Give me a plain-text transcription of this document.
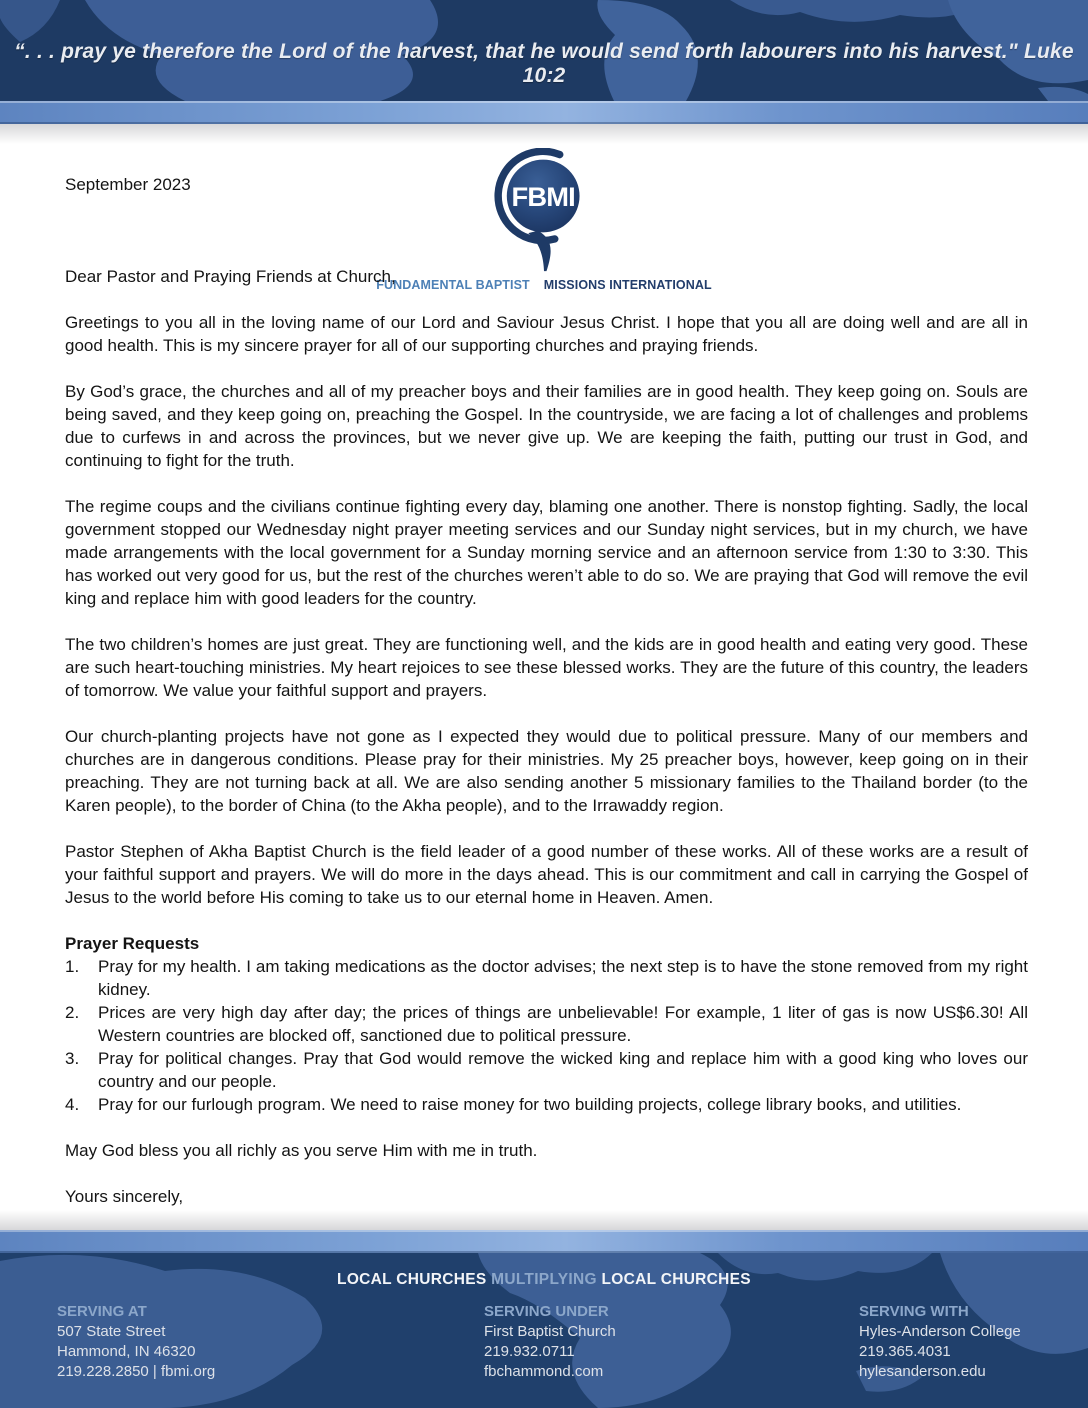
“. . . pray ye therefore the Lord of the harvest, that he would send forth labourers into his harvest." Luke 10:2
FBMI
FUNDAMENTAL BAPTIST MISSIONS INTERNATIONAL

September 2023

Dear Pastor and Praying Friends at Church,

Greetings to you all in the loving name of our Lord and Saviour Jesus Christ. I hope that you all are doing well and are all in good health. This is my sincere prayer for all of our supporting churches and praying friends.

By God’s grace, the churches and all of my preacher boys and their families are in good health. They keep going on. Souls are being saved, and they keep going on, preaching the Gospel. In the countryside, we are facing a lot of challenges and problems due to curfews in and across the provinces, but we never give up. We are keeping the faith, putting our trust in God, and continuing to fight for the truth.

The regime coups and the civilians continue fighting every day, blaming one another. There is nonstop fighting. Sadly, the local government stopped our Wednesday night prayer meeting services and our Sunday night services, but in my church, we have made arrangements with the local government for a Sunday morning service and an afternoon service from 1:30 to 3:30. This has worked out very good for us, but the rest of the churches weren’t able to do so. We are praying that God will remove the evil king and replace him with good leaders for the country.

The two children’s homes are just great. They are functioning well, and the kids are in good health and eating very good. These are such heart-touching ministries. My heart rejoices to see these blessed works. They are the future of this country, the leaders of tomorrow. We value your faithful support and prayers.

Our church-planting projects have not gone as I expected they would due to political pressure. Many of our members and churches are in dangerous conditions. Please pray for their ministries. My 25 preacher boys, however, keep going on in their preaching. They are not turning back at all. We are also sending another 5 missionary families to the Thailand border (to the Karen people), to the border of China (to the Akha people), and to the Irrawaddy region.

Pastor Stephen of Akha Baptist Church is the field leader of a good number of these works. All of these works are a result of your faithful support and prayers. We will do more in the days ahead. This is our commitment and call in carrying the Gospel of Jesus to the world before His coming to take us to our eternal home in Heaven. Amen.

Prayer Requests
1.	Pray for my health. I am taking medications as the doctor advises; the next step is to have the stone removed from my right kidney.
2.	Prices are very high day after day; the prices of things are unbelievable! For example, 1 liter of gas is now US$6.30! All Western countries are blocked off, sanctioned due to political pressure.
3.	Pray for political changes. Pray that God would remove the wicked king and replace him with a good king who loves our country and our people.
4.	Pray for our furlough program. We need to raise money for two building projects, college library books, and utilities.

May God bless you all richly as you serve Him with me in truth.

Yours sincerely,

LOCAL CHURCHES MULTIPLYING LOCAL CHURCHES
SERVING AT
507 State Street
Hammond, IN 46320
219.228.2850 | fbmi.org
SERVING UNDER
First Baptist Church
219.932.0711
fbchammond.com
SERVING WITH
Hyles-Anderson College
219.365.4031
hylesanderson.edu
